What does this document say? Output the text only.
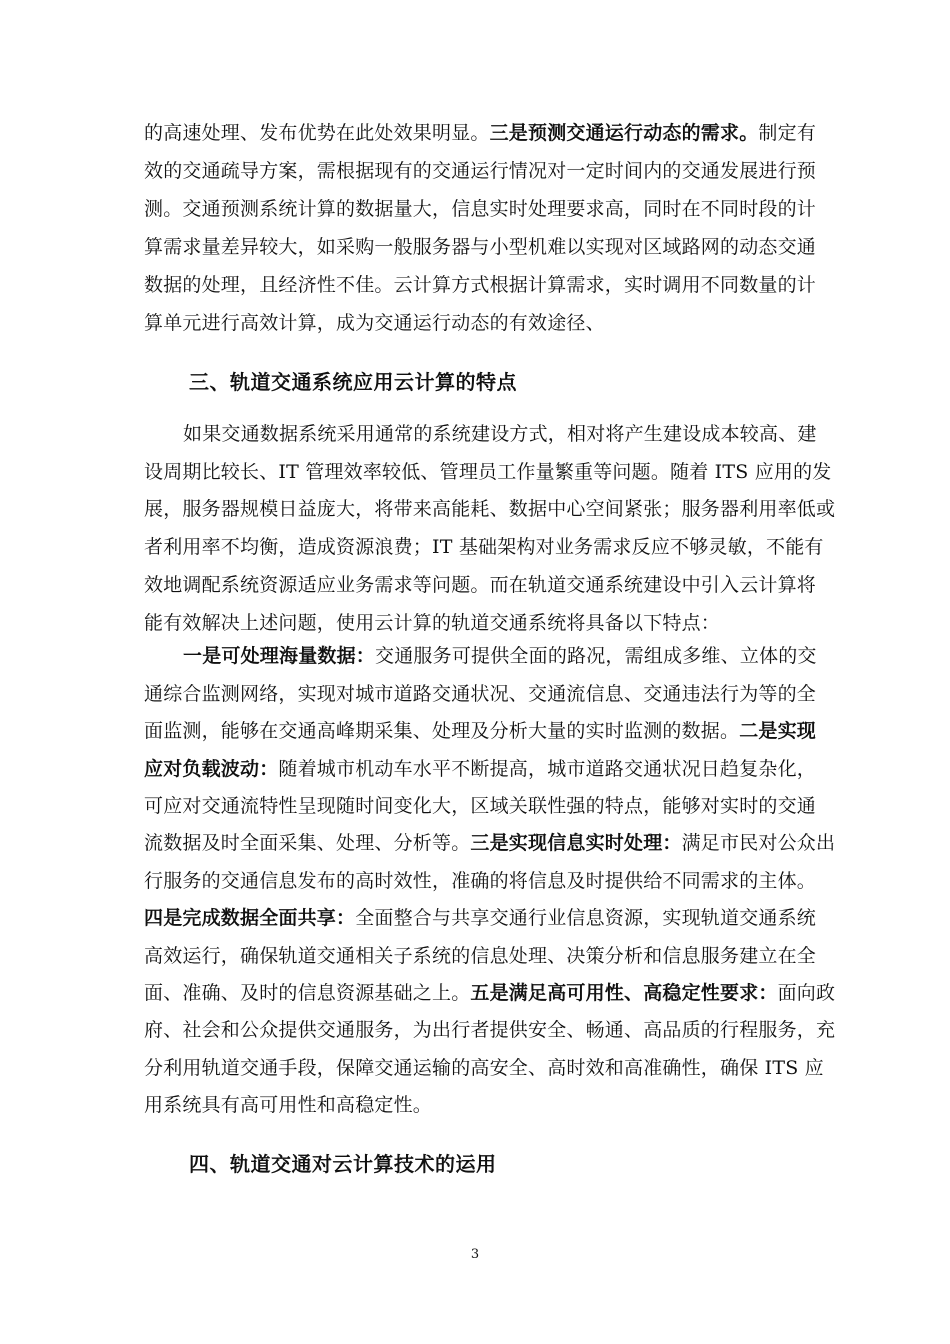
的高速处理、发布优势在此处效果明显。三是预测交通运行动态的需求。制定有
效的交通疏导方案，需根据现有的交通运行情况对一定时间内的交通发展进行预
测。交通预测系统计算的数据量大，信息实时处理要求高，同时在不同时段的计
算需求量差异较大，如采购一般服务器与小型机难以实现对区域路网的动态交通
数据的处理，且经济性不佳。云计算方式根据计算需求，实时调用不同数量的计
算单元进行高效计算，成为交通运行动态的有效途径、
三、轨道交通系统应用云计算的特点
如果交通数据系统采用通常的系统建设方式，相对将产生建设成本较高、建
设周期比较长、IT 管理效率较低、管理员工作量繁重等问题。随着 ITS 应用的发
展，服务器规模日益庞大，将带来高能耗、数据中心空间紧张；服务器利用率低或
者利用率不均衡，造成资源浪费；IT 基础架构对业务需求反应不够灵敏，不能有
效地调配系统资源适应业务需求等问题。而在轨道交通系统建设中引入云计算将
能有效解决上述问题，使用云计算的轨道交通系统将具备以下特点：
一是可处理海量数据：交通服务可提供全面的路况，需组成多维、立体的交
通综合监测网络，实现对城市道路交通状况、交通流信息、交通违法行为等的全
面监测，能够在交通高峰期采集、处理及分析大量的实时监测的数据。二是实现
应对负载波动：随着城市机动车水平不断提高，城市道路交通状况日趋复杂化，
可应对交通流特性呈现随时间变化大，区域关联性强的特点，能够对实时的交通
流数据及时全面采集、处理、分析等。三是实现信息实时处理：满足市民对公众出
行服务的交通信息发布的高时效性，准确的将信息及时提供给不同需求的主体。
四是完成数据全面共享：全面整合与共享交通行业信息资源，实现轨道交通系统
高效运行，确保轨道交通相关子系统的信息处理、决策分析和信息服务建立在全
面、准确、及时的信息资源基础之上。五是满足高可用性、高稳定性要求：面向政
府、社会和公众提供交通服务，为出行者提供安全、畅通、高品质的行程服务，充
分利用轨道交通手段，保障交通运输的高安全、高时效和高准确性，确保 ITS 应
用系统具有高可用性和高稳定性。
四、轨道交通对云计算技术的运用
3
